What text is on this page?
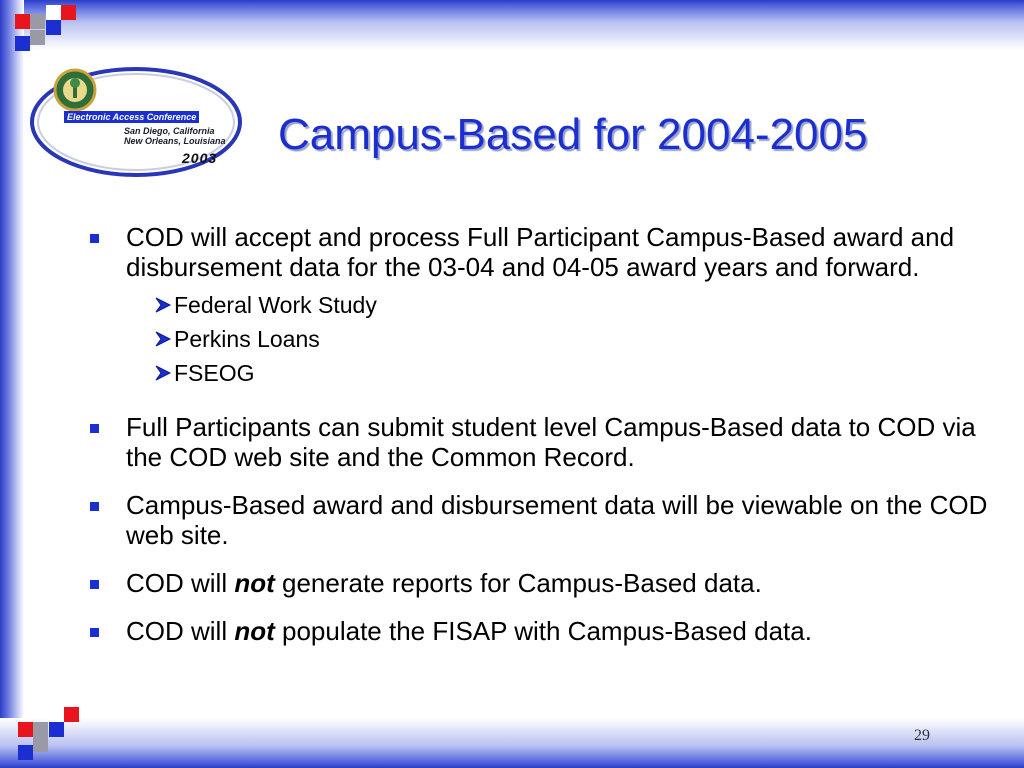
Electronic Access Conference
San Diego, California
New Orleans, Louisiana
2003 Campus-Based for 2004-2005
COD will accept and process Full Participant Campus-Based award and disbursement data for the 03-04 and 04-05 award years and forward.
Federal Work Study
Perkins Loans
FSEOG
Full Participants can submit student level Campus-Based data to COD via the COD web site and the Common Record.
Campus-Based award and disbursement data will be viewable on the COD web site.
COD will not generate reports for Campus-Based data.
COD will not populate the FISAP with Campus-Based data.
29
